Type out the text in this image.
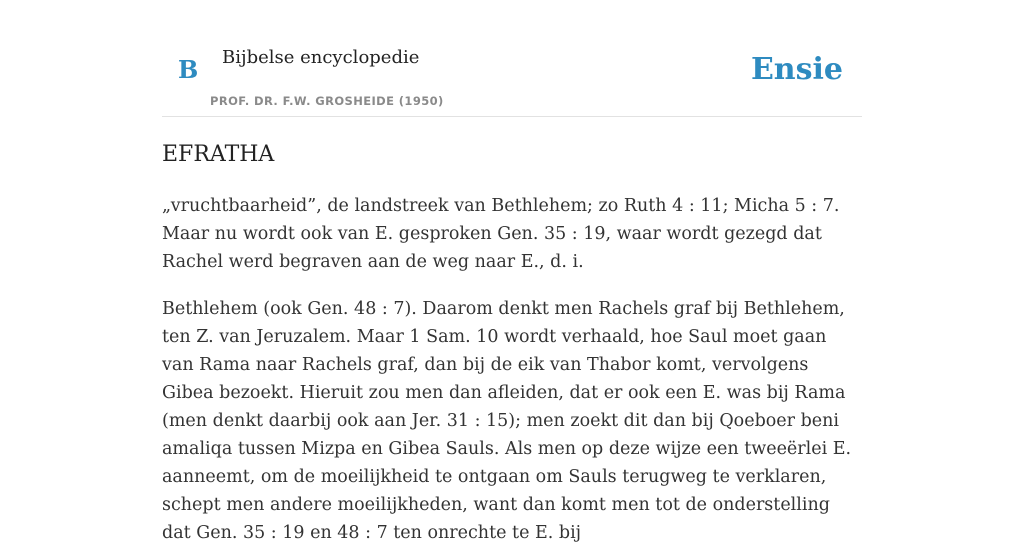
B Bijbelse encyclopedie
PROF. DR. F.W. GROSHEIDE (1950)
Ensie
EFRATHA

„vruchtbaarheid”, de landstreek van Bethlehem; zo Ruth 4 : 11; Micha 5 : 7. Maar nu wordt ook van E. gesproken Gen. 35 : 19, waar wordt gezegd dat Rachel werd begraven aan de weg naar E., d. i.

Bethlehem (ook Gen. 48 : 7). Daarom denkt men Rachels graf bij Bethlehem, ten Z. van Jeruzalem. Maar 1 Sam. 10 wordt verhaald, hoe Saul moet gaan van Rama naar Rachels graf, dan bij de eik van Thabor komt, vervolgens Gibea bezoekt. Hieruit zou men dan afleiden, dat er ook een E. was bij Rama (men denkt daarbij ook aan Jer. 31 : 15); men zoekt dit dan bij Qoeboer beni amaliqa tussen Mizpa en Gibea Sauls. Als men op deze wijze een tweeërlei E. aanneemt, om de moeilijkheid te ontgaan om Sauls terugweg te verklaren, schept men andere moeilijkheden, want dan komt men tot de onderstelling dat Gen. 35 : 19 en 48 : 7 ten onrechte te E. bij
